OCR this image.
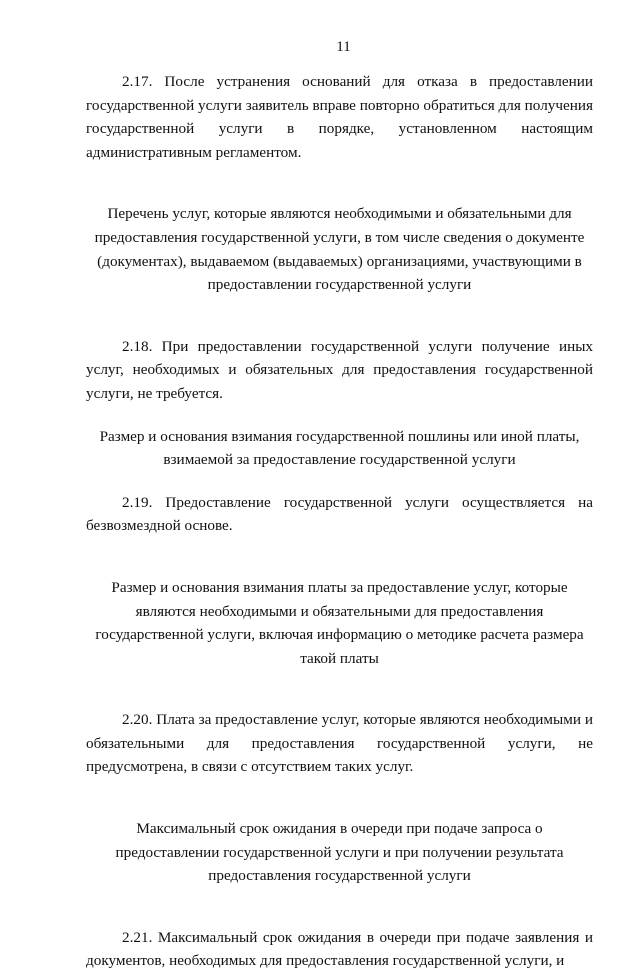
11

2.17. После устранения оснований для отказа в предоставлении государственной услуги заявитель вправе повторно обратиться для получения государственной услуги в порядке, установленном настоящим административным регламентом.

Перечень услуг, которые являются необходимыми и обязательными для предоставления государственной услуги, в том числе сведения о документе (документах), выдаваемом (выдаваемых) организациями, участвующими в предоставлении государственной услуги

2.18. При предоставлении государственной услуги получение иных услуг, необходимых и обязательных для предоставления государственной услуги, не требуется.

Размер и основания взимания государственной пошлины или иной платы, взимаемой за предоставление государственной услуги

2.19. Предоставление государственной услуги осуществляется на безвозмездной основе.

Размер и основания взимания платы за предоставление услуг, которые являются необходимыми и обязательными для предоставления государственной услуги, включая информацию о методике расчета размера такой платы

2.20. Плата за предоставление услуг, которые являются необходимыми и обязательными для предоставления государственной услуги, не предусмотрена, в связи с отсутствием таких услуг.

Максимальный срок ожидания в очереди при подаче запроса о предоставлении государственной услуги и при получении результата предоставления государственной услуги

2.21. Максимальный срок ожидания в очереди при подаче заявления и документов, необходимых для предоставления государственной услуги, и
